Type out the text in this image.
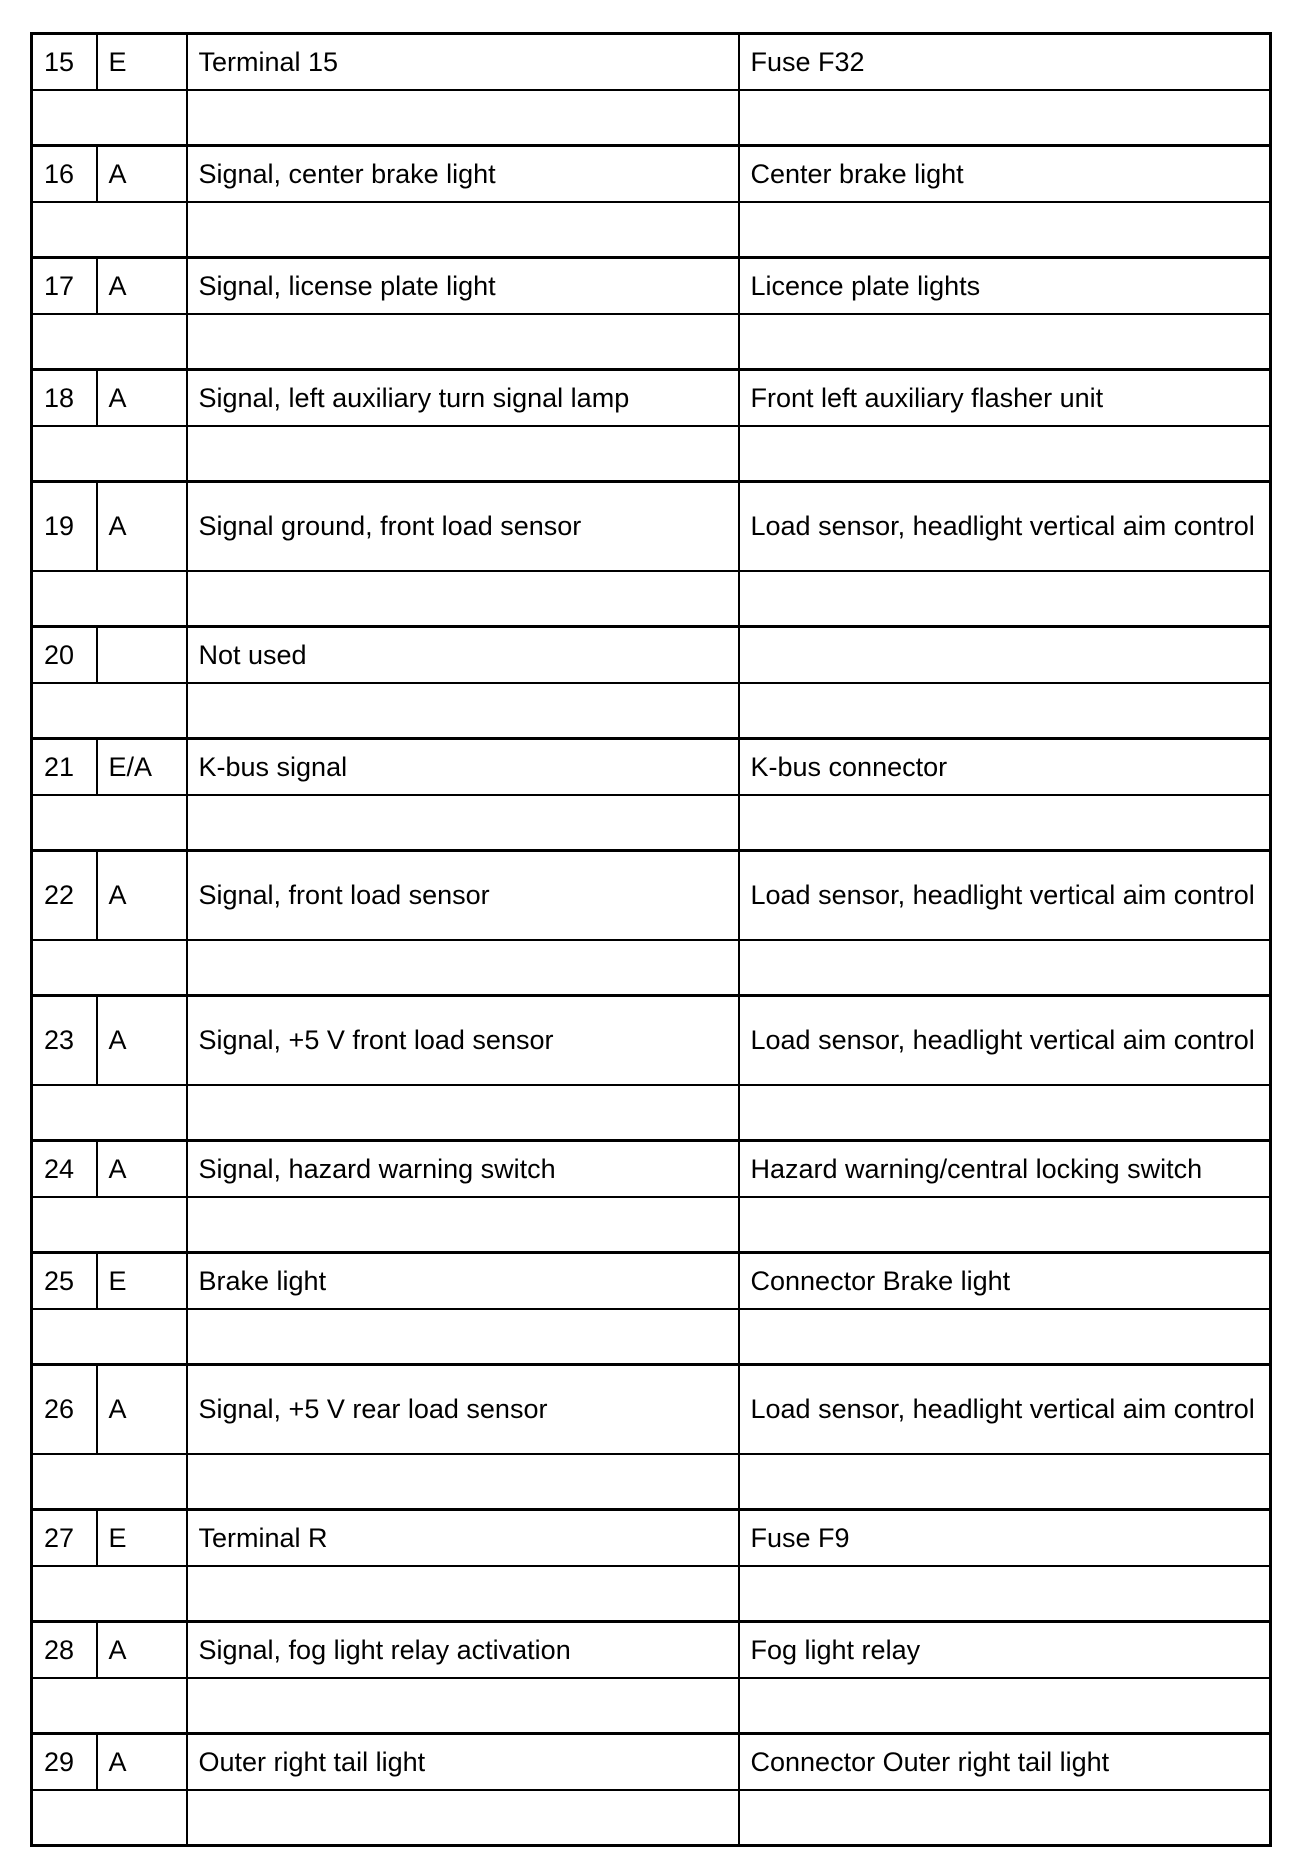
15	E	Terminal 15	Fuse F32

16	A	Signal, center brake light	Center brake light

17	A	Signal, license plate light	Licence plate lights

18	A	Signal, left auxiliary turn signal lamp	Front left auxiliary flasher unit

19	A	Signal ground, front load sensor	Load sensor, headlight vertical aim control

20		Not used	

21	E/A	K-bus signal	K-bus connector

22	A	Signal, front load sensor	Load sensor, headlight vertical aim control

23	A	Signal, +5 V front load sensor	Load sensor, headlight vertical aim control

24	A	Signal, hazard warning switch	Hazard warning/central locking switch

25	E	Brake light	Connector Brake light

26	A	Signal, +5 V rear load sensor	Load sensor, headlight vertical aim control

27	E	Terminal R	Fuse F9

28	A	Signal, fog light relay activation	Fog light relay

29	A	Outer right tail light	Connector Outer right tail light
